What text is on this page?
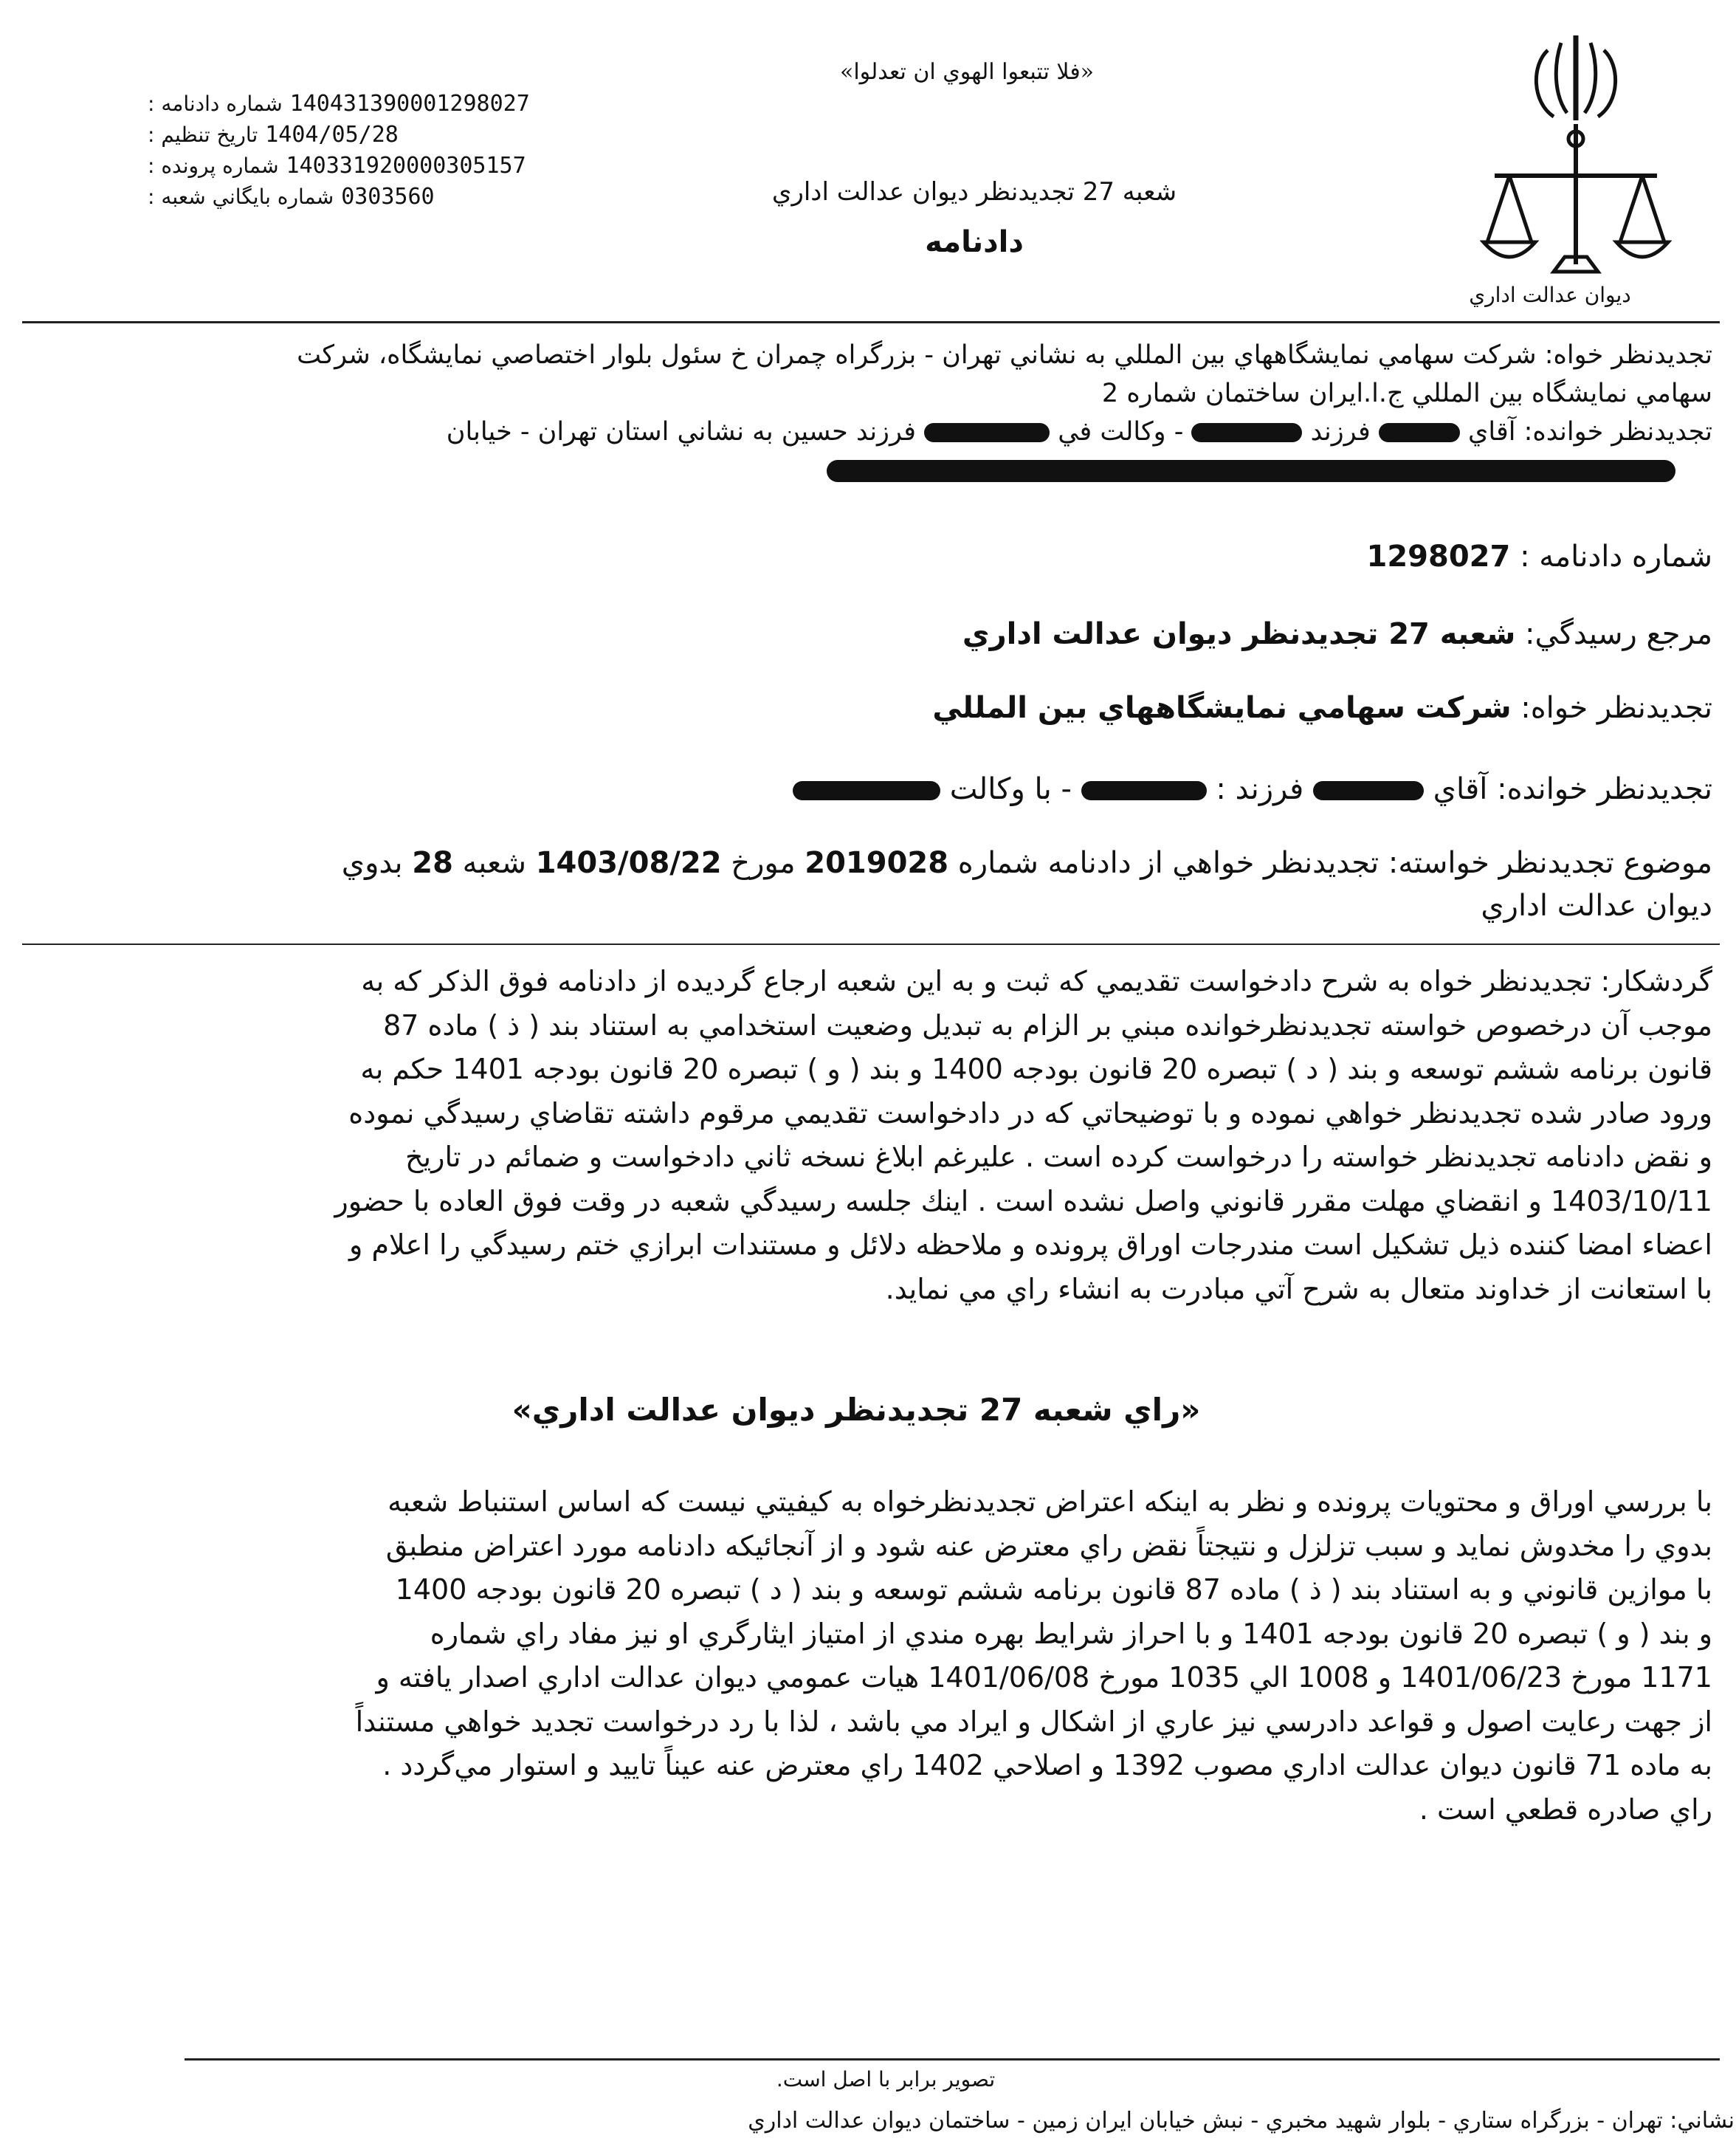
ديوان عدالت اداري
«فلا تتبعوا الهوي ان تعدلوا»
شماره دادنامه : 140431390001298027
تاريخ تنظيم : 1404/05/28
شماره پرونده : 140331920000305157
شماره بايگاني شعبه : 0303560	شعبه 27 تجديدنظر ديوان عدالت اداري
دادنامه

تجديدنظر خواه: شركت سهامي نمايشگاههاي بين المللي به نشاني تهران - بزرگراه چمران خ سئول بلوار اختصاصي نمايشگاه، شركت

سهامي نمايشگاه بين المللي ج.ا.ايران ساختمان شماره 2

تجديدنظر خوانده: آقاي  فرزند  - وكالت في  فرزند حسين به نشاني استان تهران - خيابان

شماره دادنامه : 1298027
مرجع رسيدگي: شعبه 27 تجديدنظر ديوان عدالت اداري
تجديدنظر خواه: شركت سهامي نمايشگاههاي بين المللي
تجديدنظر خوانده: آقاي  فرزند :  - با وكالت
موضوع تجديدنظر خواسته: تجديدنظر خواهي از دادنامه شماره 2019028 مورخ 1403/08/22 شعبه 28 بدوي
ديوان عدالت اداري

گردشكار: تجديدنظر خواه به شرح دادخواست تقديمي كه ثبت و به اين شعبه ارجاع گرديده از دادنامه فوق الذكر كه به

موجب آن درخصوص خواسته تجديدنظرخوانده مبني بر الزام به تبديل وضعيت استخدامي به استناد بند ( ذ ) ماده 87

قانون برنامه ششم توسعه و بند ( د ) تبصره 20 قانون بودجه 1400 و بند ( و ) تبصره 20 قانون بودجه 1401 حكم به

ورود صادر شده تجديدنظر خواهي نموده و با توضيحاتي كه در دادخواست تقديمي مرقوم داشته تقاضاي رسيدگي نموده

و نقض دادنامه تجديدنظر خواسته را درخواست كرده است . عليرغم ابلاغ نسخه ثاني دادخواست و ضمائم در تاريخ

1403/10/11 و انقضاي مهلت مقرر قانوني واصل نشده است . اينك جلسه رسيدگي شعبه در وقت فوق العاده با حضور

اعضاء امضا كننده ذيل تشكيل است مندرجات اوراق پرونده و ملاحظه دلائل و مستندات ابرازي ختم رسيدگي را اعلام و

با استعانت از خداوند متعال به شرح آتي مبادرت به انشاء راي مي نمايد.

«راي شعبه 27 تجديدنظر ديوان عدالت اداري»

با بررسي اوراق و محتويات پرونده و نظر به اينكه اعتراض تجديدنظرخواه به كيفيتي نيست كه اساس استنباط شعبه

بدوي را مخدوش نمايد و سبب تزلزل و نتيجتاً نقض راي معترض عنه شود و از آنجائيكه دادنامه مورد اعتراض منطبق

با موازين قانوني و به استناد بند ( ذ ) ماده 87 قانون برنامه ششم توسعه و بند ( د ) تبصره 20 قانون بودجه 1400

و بند ( و ) تبصره 20 قانون بودجه 1401 و با احراز شرايط بهره مندي از امتياز ايثارگري او نيز مفاد راي شماره

1171 مورخ 1401/06/23 و 1008 الي 1035 مورخ 1401/06/08 هيات عمومي ديوان عدالت اداري اصدار يافته و

از جهت رعايت اصول و قواعد دادرسي نيز عاري از اشكال و ايراد مي باشد ، لذا با رد درخواست تجديد خواهي مستنداً

به ماده 71 قانون ديوان عدالت اداري مصوب 1392 و اصلاحي 1402 راي معترض عنه عيناً تاييد و استوار مي‌گردد .

راي صادره قطعي است .

تصوير برابر با اصل است.
نشاني: تهران - بزرگراه ستاري - بلوار شهيد مخبري - نبش خيابان ايران زمين - ساختمان ديوان عدالت اداري
